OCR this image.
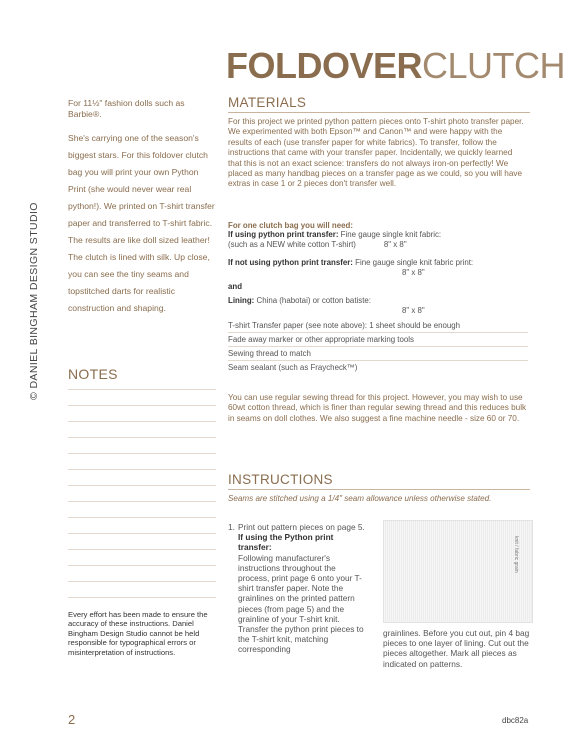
FOLDOVERCLUTCH
© DANIEL BINGHAM DESIGN STUDIO

For 11½" fashion dolls such as Barbie®.

She's carrying one of the season's biggest stars. For this foldover clutch bag you will print your own Python Print (she would never wear real python!). We printed on T-shirt transfer paper and transferred to T-shirt fabric. The results are like doll sized leather! The clutch is lined with silk. Up close, you can see the tiny seams and topstitched darts for realistic construction and shaping.

NOTES
Every effort has been made to ensure the accuracy of these instructions. Daniel Bingham Design Studio cannot be held responsible for typographical errors or misinterpretation of instructions.
MATERIALS
For this project we printed python pattern pieces onto T-shirt photo transfer paper. We experimented with both Epson™ and Canon™ and were happy with the results of each (use transfer paper for white fabrics). To transfer, follow the instructions that came with your transfer paper. Incidentally, we quickly learned that this is not an exact science: transfers do not always iron-on perfectly! We placed as many handbag pieces on a transfer page as we could, so you will have extras in case 1 or 2 pieces don't transfer well.
For one clutch bag you will need:
If using python print transfer: Fine gauge single knit fabric:
(such as a NEW white cotton T-shirt)	8" x 8"
If not using python print transfer: Fine gauge single knit fabric print:
8" x 8"
and
Lining: China (habotai) or cotton batiste:
8" x 8"
T-shirt Transfer paper (see note above): 1 sheet should be enough
Fade away marker or other appropriate marking tools
Sewing thread to match
Seam sealant (such as Fraycheck™)
You can use regular sewing thread for this project. However, you may wish to use 60wt cotton thread, which is finer than regular sewing thread and this reduces bulk in seams on doll clothes. We also suggest a fine machine needle - size 60 or 70.
INSTRUCTIONS
Seams are stitched using a 1/4" seam allowance unless otherwise stated.
1. Print out pattern pieces on page 5.
If using the Python print transfer:
Following manufacturer's instructions throughout the process, print page 6 onto your T-shirt transfer paper. Note the grainlines on the printed pattern pieces (from page 5) and the grainline of your T-shirt knit. Transfer the python print pieces to the T-shirt knit, matching corresponding
knit / fabric grain
grainlines. Before you cut out, pin 4 bag pieces to one layer of lining. Cut out the pieces altogether. Mark all pieces as indicated on patterns.
2	dbc82a
